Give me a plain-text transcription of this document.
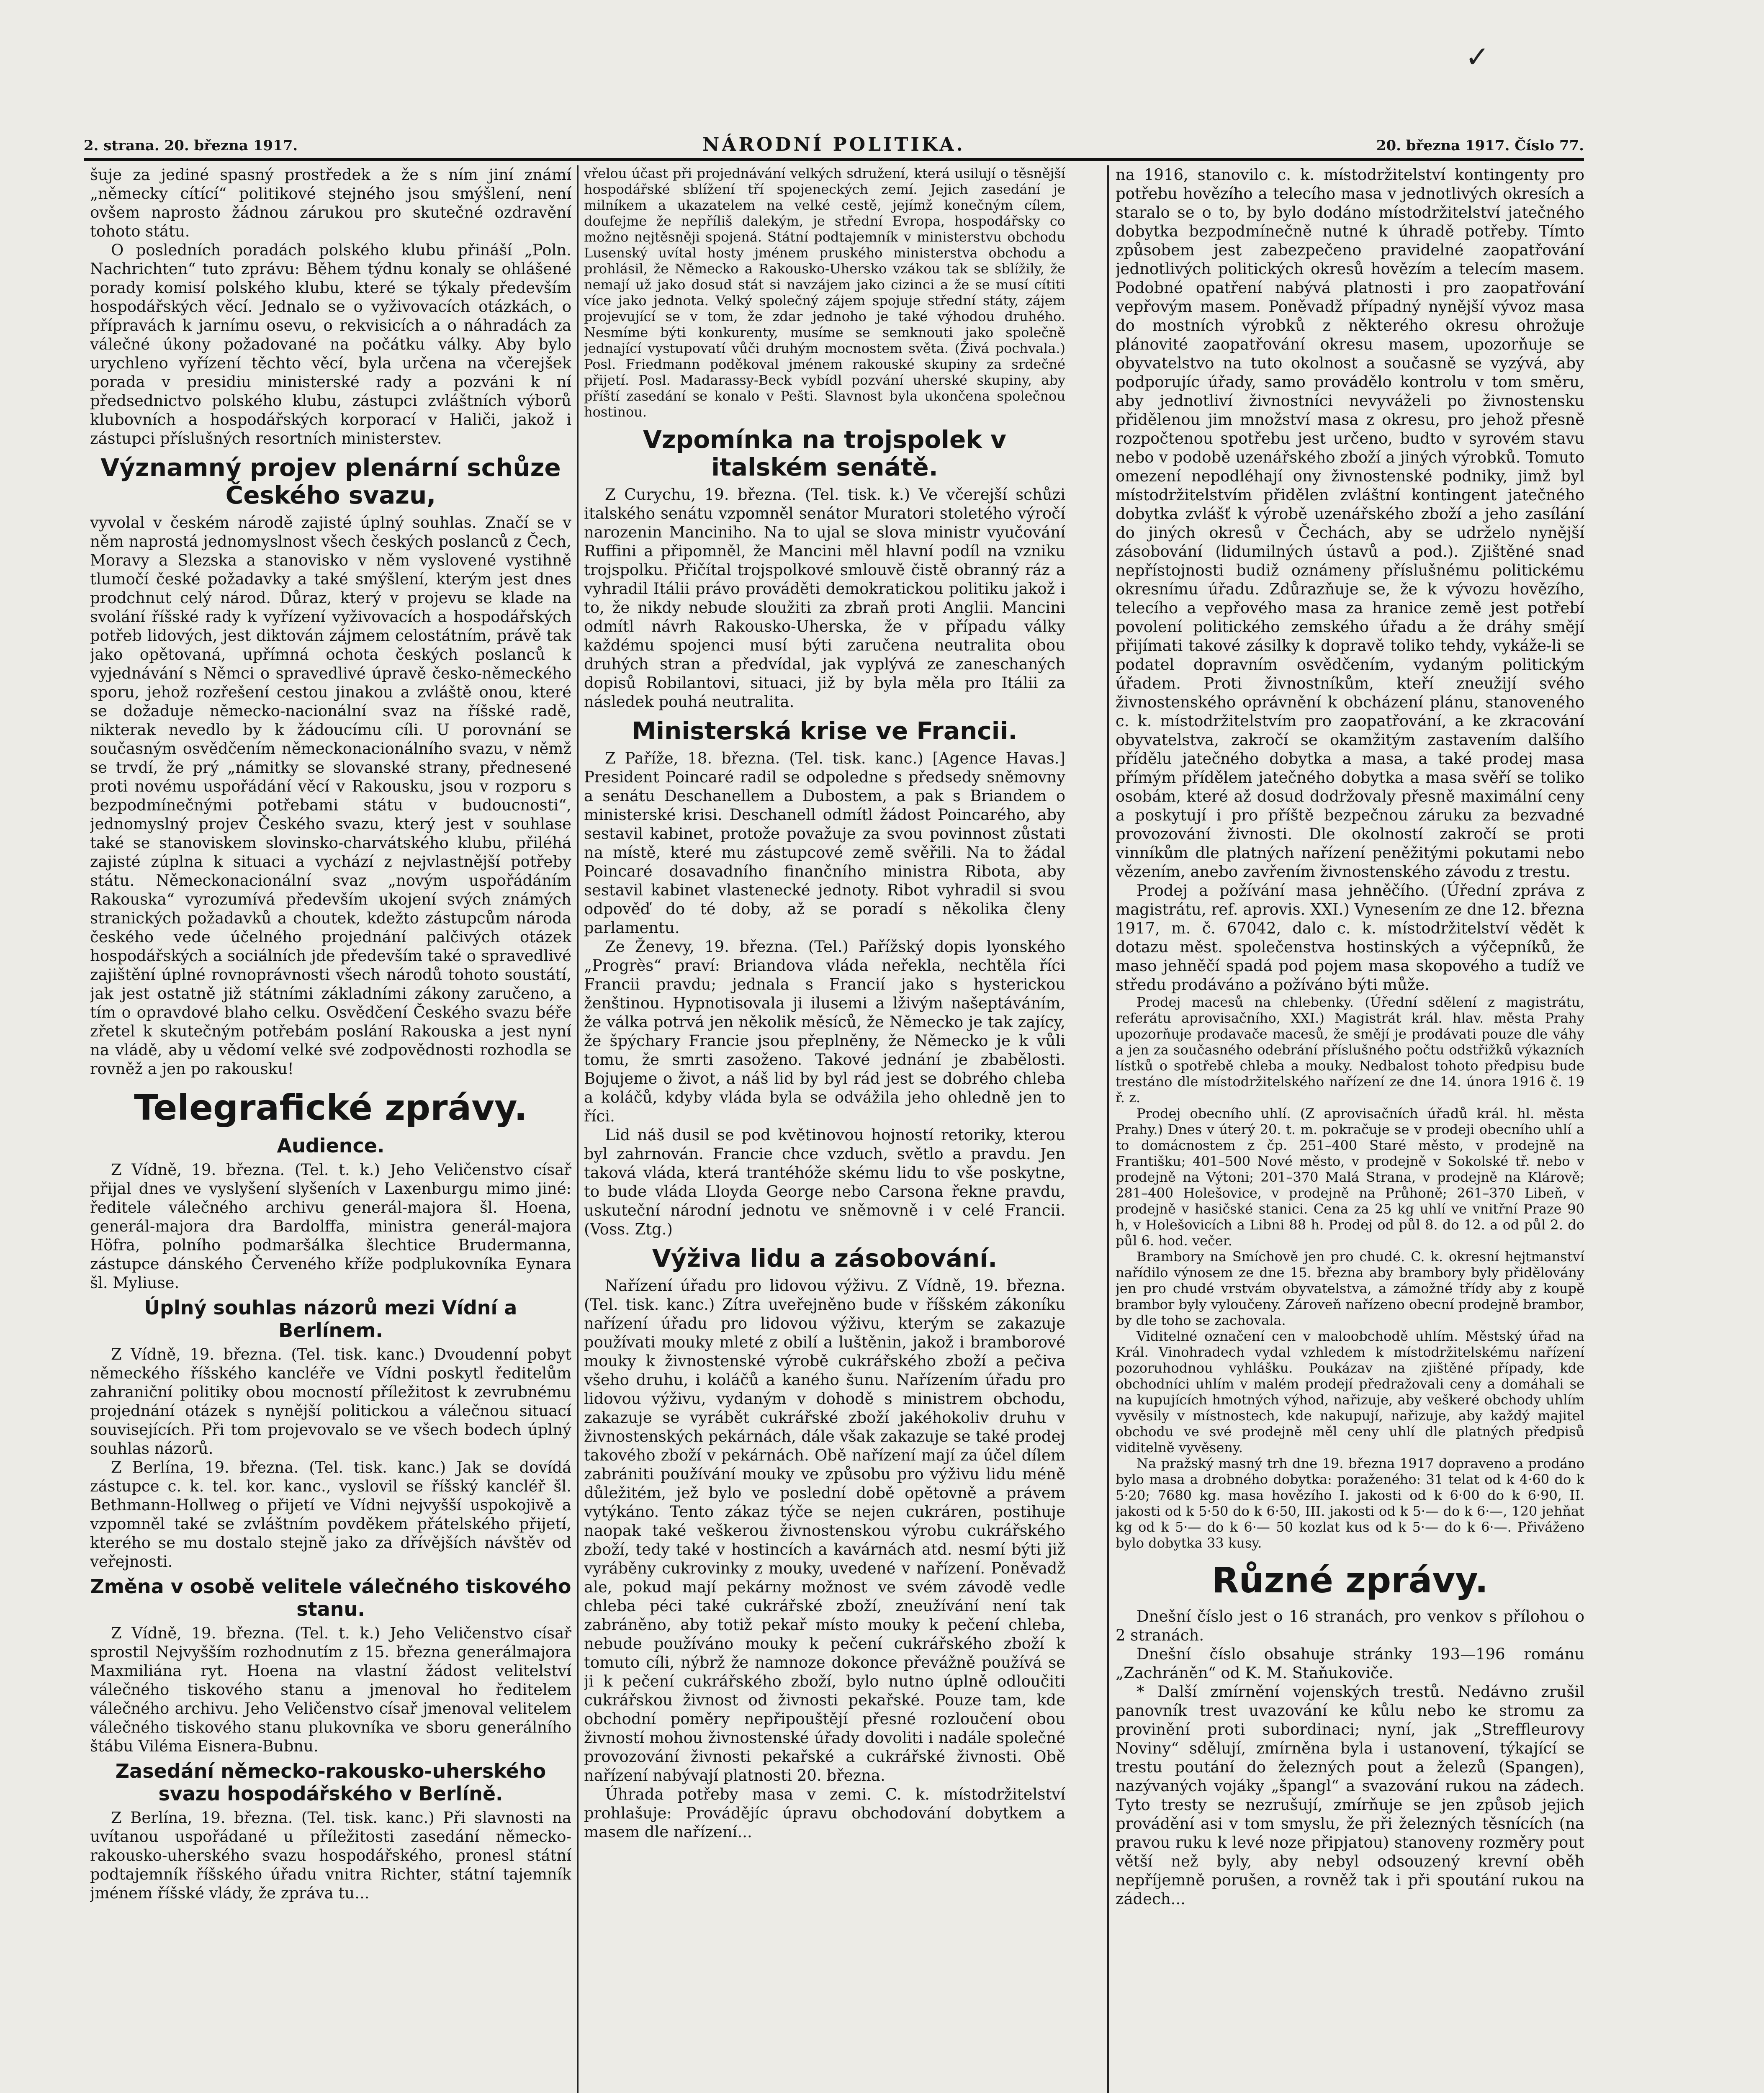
✓
2. strana. 20. března 1917.	NÁRODNÍ POLITIKA.	20. března 1917. Číslo 77.

šuje za jediné spasný prostředek a že s ním jiní známí „německy cítící“ politikové stejného jsou smýšlení, není ovšem naprosto žádnou zárukou pro skutečné ozdravění tohoto státu.

O posledních poradách polského klubu přináší „Poln. Nachrichten“ tuto zprávu: Během týdnu konaly se ohlášené porady komisí polského klubu, které se týkaly především hospodářských věcí. Jednalo se o vyživovacích otázkách, o přípravách k jarnímu osevu, o rekvisicích a o náhradách za válečné úkony požadované na počátku války. Aby bylo urychleno vyřízení těchto věcí, byla určena na včerejšek porada v presidiu ministerské rady a pozváni k ní předsednictvo polského klubu, zástupci zvláštních výborů klubovních a hospodářských korporací v Haliči, jakož i zástupci příslušných resortních ministerstev.

Významný projev plenární schůze Českého svazu,

vyvolal v českém národě zajisté úplný souhlas. Značí se v něm naprostá jednomyslnost všech českých poslanců z Čech, Moravy a Slezska a stanovisko v něm vyslovené vystihně tlumočí české požadavky a také smýšlení, kterým jest dnes prodchnut celý národ. Důraz, který v projevu se klade na svolání říšské rady k vyřízení vyživovacích a hospodářských potřeb lidových, jest diktován zájmem celostátním, právě tak jako opětovaná, upřímná ochota českých poslanců k vyjednávání s Němci o spravedlivé úpravě česko-německého sporu, jehož rozřešení cestou jinakou a zvláště onou, které se dožaduje německo-nacionální svaz na říšské radě, nikterak nevedlo by k žádoucímu cíli. U porovnání se současným osvědčením německonacionálního svazu, v němž se trvdí, že prý „námitky se slovanské strany, přednesené proti novému uspořádání věcí v Rakousku, jsou v rozporu s bezpodmínečnými potřebami státu v budoucnosti“, jednomyslný projev Českého svazu, který jest v souhlase také se stanoviskem slovinsko-charvátského klubu, přiléhá zajisté zúplna k situaci a vychází z nejvlastnější potřeby státu. Německonacionální svaz „novým uspořádáním Rakouska“ vyrozumívá především ukojení svých známých stranických požadavků a choutek, kdežto zástupcům národa českého vede účelného projednání palčivých otázek hospodářských a sociálních jde především také o spravedlivé zajištění úplné rovnoprávnosti všech národů tohoto soustátí, jak jest ostatně již státními základními zákony zaručeno, a tím o opravdové blaho celku. Osvědčení Českého svazu béře zřetel k skutečným potřebám poslání Rakouska a jest nyní na vládě, aby u vědomí velké své zodpovědnosti rozhodla se rovněž a jen po rakousku!

Telegrafické zprávy.
Audience.

Z Vídně, 19. března. (Tel. t. k.) Jeho Veličenstvo císař přijal dnes ve vyslyšení slyšeních v Laxenburgu mimo jiné: ředitele válečného archivu generál-majora šl. Hoena, generál-majora dra Bardolffa, ministra generál-majora Höfra, polního podmaršálka šlechtice Brudermanna, zástupce dánského Červeného kříže podplukovníka Eynara šl. Myliuse.

Úplný souhlas názorů mezi Vídní a Berlínem.

Z Vídně, 19. března. (Tel. tisk. kanc.) Dvoudenní pobyt německého říšského kancléře ve Vídni poskytl ředitelům zahraniční politiky obou mocností příležitost k zevrubnému projednání otázek s nynější politickou a válečnou situací souvisejících. Při tom projevovalo se ve všech bodech úplný souhlas názorů.

Z Berlína, 19. března. (Tel. tisk. kanc.) Jak se dovídá zástupce c. k. tel. kor. kanc., vyslovil se říšský kancléř šl. Bethmann-Hollweg o přijetí ve Vídni nejvyšší uspokojivě a vzpomněl také se zvláštním povděkem přátelského přijetí, kterého se mu dostalo stejně jako za dřívějších návštěv od veřejnosti.

Změna v osobě velitele válečného tiskového stanu.

Z Vídně, 19. března. (Tel. t. k.) Jeho Veličenstvo císař sprostil Nejvyšším rozhodnutím z 15. března generálmajora Maxmiliána ryt. Hoena na vlastní žádost velitelství válečného tiskového stanu a jmenoval ho ředitelem válečného archivu. Jeho Veličenstvo císař jmenoval velitelem válečného tiskového stanu plukovníka ve sboru generálního štábu Viléma Eisnera-Bubnu.

Zasedání německo-rakousko-uherského svazu hospodářského v Berlíně.

Z Berlína, 19. března. (Tel. tisk. kanc.) Při slavnosti na uvítanou uspořádané u příležitosti zasedání německo-rakousko-uherského svazu hospodářského, pronesl státní podtajemník říšského úřadu vnitra Richter, státní tajemník jménem říšské vlády, že zpráva tu...

vřelou účast při projednávání velkých sdružení, která usilují o těsnější hospodářské sblížení tří spojeneckých zemí. Jejich zasedání je milníkem a ukazatelem na velké cestě, jejímž konečným cílem, doufejme že nepříliš dalekým, je střední Evropa, hospodářsky co možno nejtěsněji spojená. Státní podtajemník v ministerstvu obchodu Lusenský uvítal hosty jménem pruského ministerstva obchodu a prohlásil, že Německo a Rakousko-Uhersko vzákou tak se sblížily, že nemají už jako dosud stát si navzájem jako cizinci a že se musí cítiti více jako jednota. Velký společný zájem spojuje střední státy, zájem projevující se v tom, že zdar jednoho je také výhodou druhého. Nesmíme býti konkurenty, musíme se semknouti jako společně jednající vystupovatí vůči druhým mocnostem světa. (Živá pochvala.) Posl. Friedmann poděkoval jménem rakouské skupiny za srdečné přijetí. Posl. Madarassy-Beck vybídl pozvání uherské skupiny, aby příští zasedání se konalo v Pešti. Slavnost byla ukončena společnou hostinou.

Vzpomínka na trojspolek v italském senátě.

Z Curychu, 19. března. (Tel. tisk. k.) Ve včerejší schůzi italského senátu vzpomněl senátor Muratori stoletého výročí narozenin Manciniho. Na to ujal se slova ministr vyučování Ruffini a připomněl, že Mancini měl hlavní podíl na vzniku trojspolku. Přičítal trojspolkové smlouvě čistě obranný ráz a vyhradil Itálii právo prováděti demokratickou politiku jakož i to, že nikdy nebude sloužiti za zbraň proti Anglii. Mancini odmítl návrh Rakousko-Uherska, že v případu války každému spojenci musí býti zaručena neutralita obou druhých stran a předvídal, jak vyplývá ze zaneschaných dopisů Robilantovi, situaci, již by byla měla pro Itálii za následek pouhá neutralita.

Ministerská krise ve Francii.

Z Paříže, 18. března. (Tel. tisk. kanc.) [Agence Havas.] President Poincaré radil se odpoledne s předsedy sněmovny a senátu Deschanellem a Dubostem, a pak s Briandem o ministerské krisi. Deschanell odmítl žádost Poincarého, aby sestavil kabinet, protože považuje za svou povinnost zůstati na místě, které mu zástupcové země svěřili. Na to žádal Poincaré dosavadního finančního ministra Ribota, aby sestavil kabinet vlastenecké jednoty. Ribot vyhradil si svou odpověď do té doby, až se poradí s několika členy parlamentu.

Ze Ženevy, 19. března. (Tel.) Pařížský dopis lyonského „Progrès“ praví: Briandova vláda neřekla, nechtěla říci Francii pravdu; jednala s Francií jako s hysterickou ženštinou. Hypnotisovala ji ilusemi a lživým našeptáváním, že válka potrvá jen několik měsíců, že Německo je tak zajícy, že špýchary Francie jsou přeplněny, že Německo je k vůli tomu, že smrti zasoženo. Takové jednání je zbabělosti. Bojujeme o život, a náš lid by byl rád jest se dobrého chleba a koláčů, kdyby vláda byla se odvážila jeho ohledně jen to říci.

Lid náš dusil se pod květinovou hojností retoriky, kterou byl zahrnován. Francie chce vzduch, světlo a pravdu. Jen taková vláda, která trantéhóže skému lidu to vše poskytne, to bude vláda Lloyda George nebo Carsona řekne pravdu, uskuteční národní jednotu ve sněmovně i v celé Francii. (Voss. Ztg.)

Výživa lidu a zásobování.

Nařízení úřadu pro lidovou výživu. Z Vídně, 19. března. (Tel. tisk. kanc.) Zítra uveřejněno bude v říšském zákoníku nařízení úřadu pro lidovou výživu, kterým se zakazuje používati mouky mleté z obilí a luštěnin, jakož i bramborové mouky k živnostenské výrobě cukrářského zboží a pečiva všeho druhu, i koláčů a kaného šunu. Nařízením úřadu pro lidovou výživu, vydaným v dohodě s ministrem obchodu, zakazuje se vyrábět cukrářské zboží jakéhokoliv druhu v živnostenských pekárnách, dále však zakazuje se také prodej takového zboží v pekárnách. Obě nařízení mají za účel dílem zabrániti používání mouky ve způsobu pro výživu lidu méně důležitém, jež bylo ve poslední době opětovně a právem vytýkáno. Tento zákaz týče se nejen cukráren, postihuje naopak také veškerou živnostenskou výrobu cukrářského zboží, tedy také v hostincích a kavárnách atd. nesmí býti již vyráběny cukrovinky z mouky, uvedené v nařízení. Poněvadž ale, pokud mají pekárny možnost ve svém závodě vedle chleba péci také cukrářské zboží, zneužívání není tak zabráněno, aby totiž pekař místo mouky k pečení chleba, nebude používáno mouky k pečení cukrářského zboží k tomuto cíli, nýbrž že namnoze dokonce převážně používá se ji k pečení cukrářského zboží, bylo nutno úplně odloučiti cukrářskou živnost od živnosti pekařské. Pouze tam, kde obchodní poměry nepřipouštějí přesné rozloučení obou živností mohou živnostenské úřady dovoliti i nadále společné provozování živnosti pekařské a cukrářské živnosti. Obě nařízení nabývají platnosti 20. března.

Úhrada potřeby masa v zemi. C. k. místodržitelství prohlašuje: Provádějíc úpravu obchodování dobytkem a masem dle nařízení...

na 1916, stanovilo c. k. místodržitelství kontingenty pro potřebu hovězího a telecího masa v jednotlivých okresích a staralo se o to, by bylo dodáno místodržitelství jatečného dobytka bezpodmínečně nutné k úhradě potřeby. Tímto způsobem jest zabezpečeno pravidelné zaopatřování jednotlivých politických okresů hovězím a telecím masem. Podobné opatření nabývá platnosti i pro zaopatřování vepřovým masem. Poněvadž případný nynější vývoz masa do mostních výrobků z některého okresu ohrožuje plánovité zaopatřování okresu masem, upozorňuje se obyvatelstvo na tuto okolnost a současně se vyzývá, aby podporujíc úřady, samo provádělo kontrolu v tom směru, aby jednotliví živnostníci nevyváželi po živnostensku přidělenou jim množství masa z okresu, pro jehož přesně rozpočtenou spotřebu jest určeno, budto v syrovém stavu nebo v podobě uzenářského zboží a jiných výrobků. Tomuto omezení nepodléhají ony živnostenské podniky, jimž byl místodržitelstvím přidělen zvláštní kontingent jatečného dobytka zvlášť k výrobě uzenářského zboží a jeho zasílání do jiných okresů v Čechách, aby se udrželo nynější zásobování (lidumilných ústavů a pod.). Zjištěné snad nepřístojnosti budiž oznámeny příslušnému politickému okresnímu úřadu. Zdůrazňuje se, že k vývozu hovězího, telecího a vepřového masa za hranice země jest potřebí povolení politického zemského úřadu a že dráhy smějí přijímati takové zásilky k dopravě toliko tehdy, vykáže-li se podatel dopravním osvědčením, vydaným politickým úřadem. Proti živnostníkům, kteří zneužijí svého živnostenského oprávnění k obcházení plánu, stanoveného c. k. místodržitelstvím pro zaopatřování, a ke zkracování obyvatelstva, zakročí se okamžitým zastavením dalšího přídělu jatečného dobytka a masa, a také prodej masa přímým přídělem jatečného dobytka a masa svěří se toliko osobám, které až dosud dodržovaly přesně maximální ceny a poskytují i pro příště bezpečnou záruku za bezvadné provozování živnosti. Dle okolností zakročí se proti vinníkům dle platných nařízení peněžitými pokutami nebo vězením, anebo zavřením živnostenského závodu z trestu.

Prodej a požívání masa jehněčího. (Úřední zpráva z magistrátu, ref. aprovis. XXI.) Vynesením ze dne 12. března 1917, m. č. 67042, dalo c. k. místodržitelství vědět k dotazu měst. společenstva hostinských a výčepníků, že maso jehněčí spadá pod pojem masa skopového a tudíž ve středu prodáváno a požíváno býti může.

Prodej macesů na chlebenky. (Úřední sdělení z magistrátu, referátu aprovisačního, XXI.) Magistrát král. hlav. města Prahy upozorňuje prodavače macesů, že smějí je prodávati pouze dle váhy a jen za současného odebrání příslušného počtu odstřižků výkazních lístků o spotřebě chleba a mouky. Nedbalost tohoto předpisu bude trestáno dle místodržitelského nařízení ze dne 14. února 1916 č. 19 ř. z.

Prodej obecního uhlí. (Z aprovisačních úřadů král. hl. města Prahy.) Dnes v úterý 20. t. m. pokračuje se v prodeji obecního uhlí a to domácnostem z čp. 251–400 Staré město, v prodejně na Františku; 401–500 Nové město, v prodejně v Sokolské tř. nebo v prodejně na Výtoni; 201–370 Malá Strana, v prodejně na Klárově; 281–400 Holešovice, v prodejně na Průhoně; 261–370 Libeň, v prodejně v hasičské stanici. Cena za 25 kg uhlí ve vnitřní Praze 90 h, v Holešovicích a Libni 88 h. Prodej od půl 8. do 12. a od půl 2. do půl 6. hod. večer.

Brambory na Smíchově jen pro chudé. C. k. okresní hejtmanství nařídilo výnosem ze dne 15. března aby brambory byly přidělovány jen pro chudé vrstvám obyvatelstva, a zámožné třídy aby z koupě brambor byly vyloučeny. Zároveň nařízeno obecní prodejně brambor, by dle toho se zachovala.

Viditelné označení cen v maloobchodě uhlím. Městský úřad na Král. Vinohradech vydal vzhledem k místodržitelskému nařízení pozoruhodnou vyhlášku. Poukázav na zjištěné případy, kde obchodníci uhlím v malém prodejí předražovali ceny a domáhali se na kupujících hmotných výhod, nařizuje, aby veškeré obchody uhlím vyvěsily v místnostech, kde nakupují, nařizuje, aby každý majitel obchodu ve své prodejně měl ceny uhlí dle platných předpisů viditelně vyvěseny.

Na pražský masný trh dne 19. března 1917 dopraveno a prodáno bylo masa a drobného dobytka: poraženého: 31 telat od k 4·60 do k 5·20; 7680 kg. masa hovězího I. jakosti od k 6·00 do k 6·90, II. jakosti od k 5·50 do k 6·50, III. jakosti od k 5·— do k 6·—, 120 jehňat kg od k 5·— do k 6·— 50 kozlat kus od k 5·— do k 6·—. Přiváženo bylo dobytka 33 kusy.

Různé zprávy.

Dnešní číslo jest o 16 stranách, pro venkov s přílohou o 2 stranách.

Dnešní číslo obsahuje stránky 193—196 románu „Zachráněn“ od K. M. Staňukoviče.

* Další zmírnění vojenských trestů. Nedávno zrušil panovník trest uvazování ke kůlu nebo ke stromu za provinění proti subordinaci; nyní, jak „Streffleurovy Noviny“ sdělují, zmírněna byla i ustanovení, týkající se trestu poutání do železných pout a železů (Spangen), nazývaných vojáky „špangl“ a svazování rukou na zádech. Tyto tresty se nezrušují, zmírňuje se jen způsob jejich provádění asi v tom smyslu, že při železných těsnících (na pravou ruku k levé noze připjatou) stanoveny rozměry pout větší než byly, aby nebyl odsouzený krevní oběh nepříjemně porušen, a rovněž tak i při spoutání rukou na zádech...
